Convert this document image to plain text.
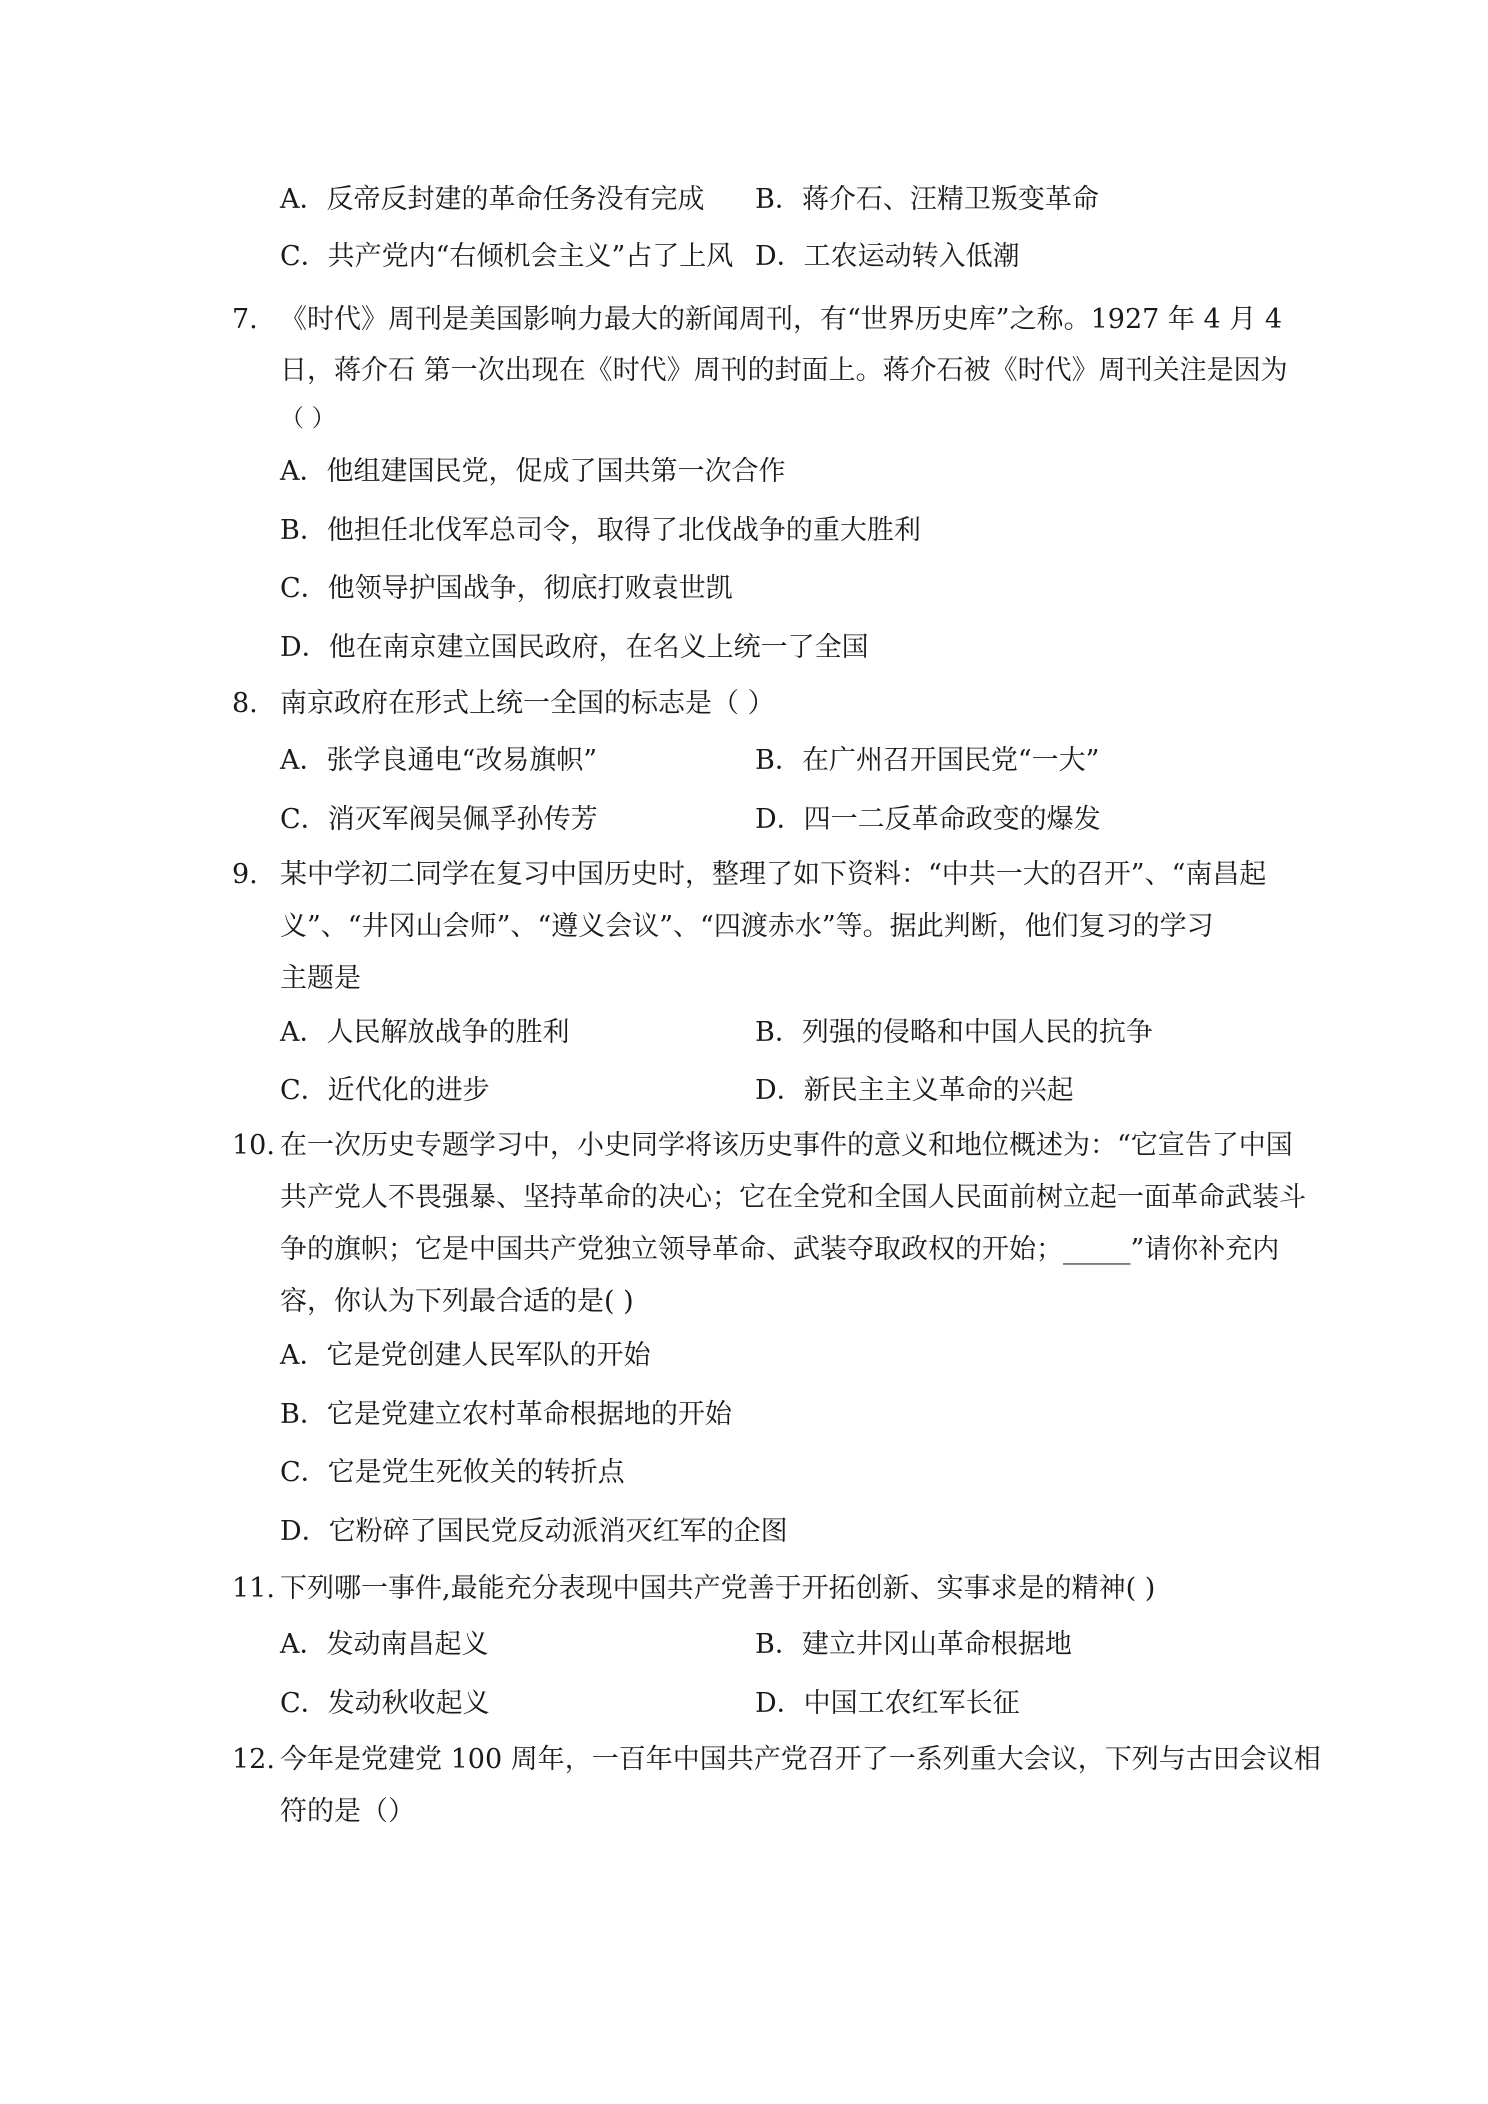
A．反帝反封建的革命任务没有完成 B．蒋介石、汪精卫叛变革命
C．共产党内“右倾机会主义”占了上风 D．工农运动转入低潮
7. 《时代》周刊是美国影响力最大的新闻周刊，有“世界历史库”之称。1927 年 4 月 4
日，蒋介石 第一次出现在《时代》周刊的封面上。蒋介石被《时代》周刊关注是因为
（ ）
A．他组建国民党，促成了国共第一次合作
B．他担任北伐军总司令，取得了北伐战争的重大胜利
C．他领导护国战争，彻底打败袁世凯
D．他在南京建立国民政府，在名义上统一了全国
8. 南京政府在形式上统一全国的标志是（ ）
A．张学良通电“改易旗帜”	B．在广州召开国民党“一大”
C．消灭军阀吴佩孚孙传芳	D．四一二反革命政变的爆发
9. 某中学初二同学在复习中国历史时，整理了如下资料：“中共一大的召开”、“南昌起
义”、“井冈山会师”、“遵义会议”、“四渡赤水”等。据此判断，他们复习的学习
主题是
A．人民解放战争的胜利	B．列强的侵略和中国人民的抗争
C．近代化的进步	D．新民主主义革命的兴起
10. 在一次历史专题学习中，小史同学将该历史事件的意义和地位概述为：“它宣告了中国
共产党人不畏强暴、坚持革命的决心；它在全党和全国人民面前树立起一面革命武装斗
争的旗帜；它是中国共产党独立领导革命、武装夺取政权的开始；_____”请你补充内
容，你认为下列最合适的是( )
A．它是党创建人民军队的开始
B．它是党建立农村革命根据地的开始
C．它是党生死攸关的转折点
D．它粉碎了国民党反动派消灭红军的企图
11. 下列哪一事件,最能充分表现中国共产党善于开拓创新、实事求是的精神( )
A．发动南昌起义	B．建立井冈山革命根据地
C．发动秋收起义	D．中国工农红军长征
12. 今年是党建党 100 周年，一百年中国共产党召开了一系列重大会议，下列与古田会议相
符的是（）
